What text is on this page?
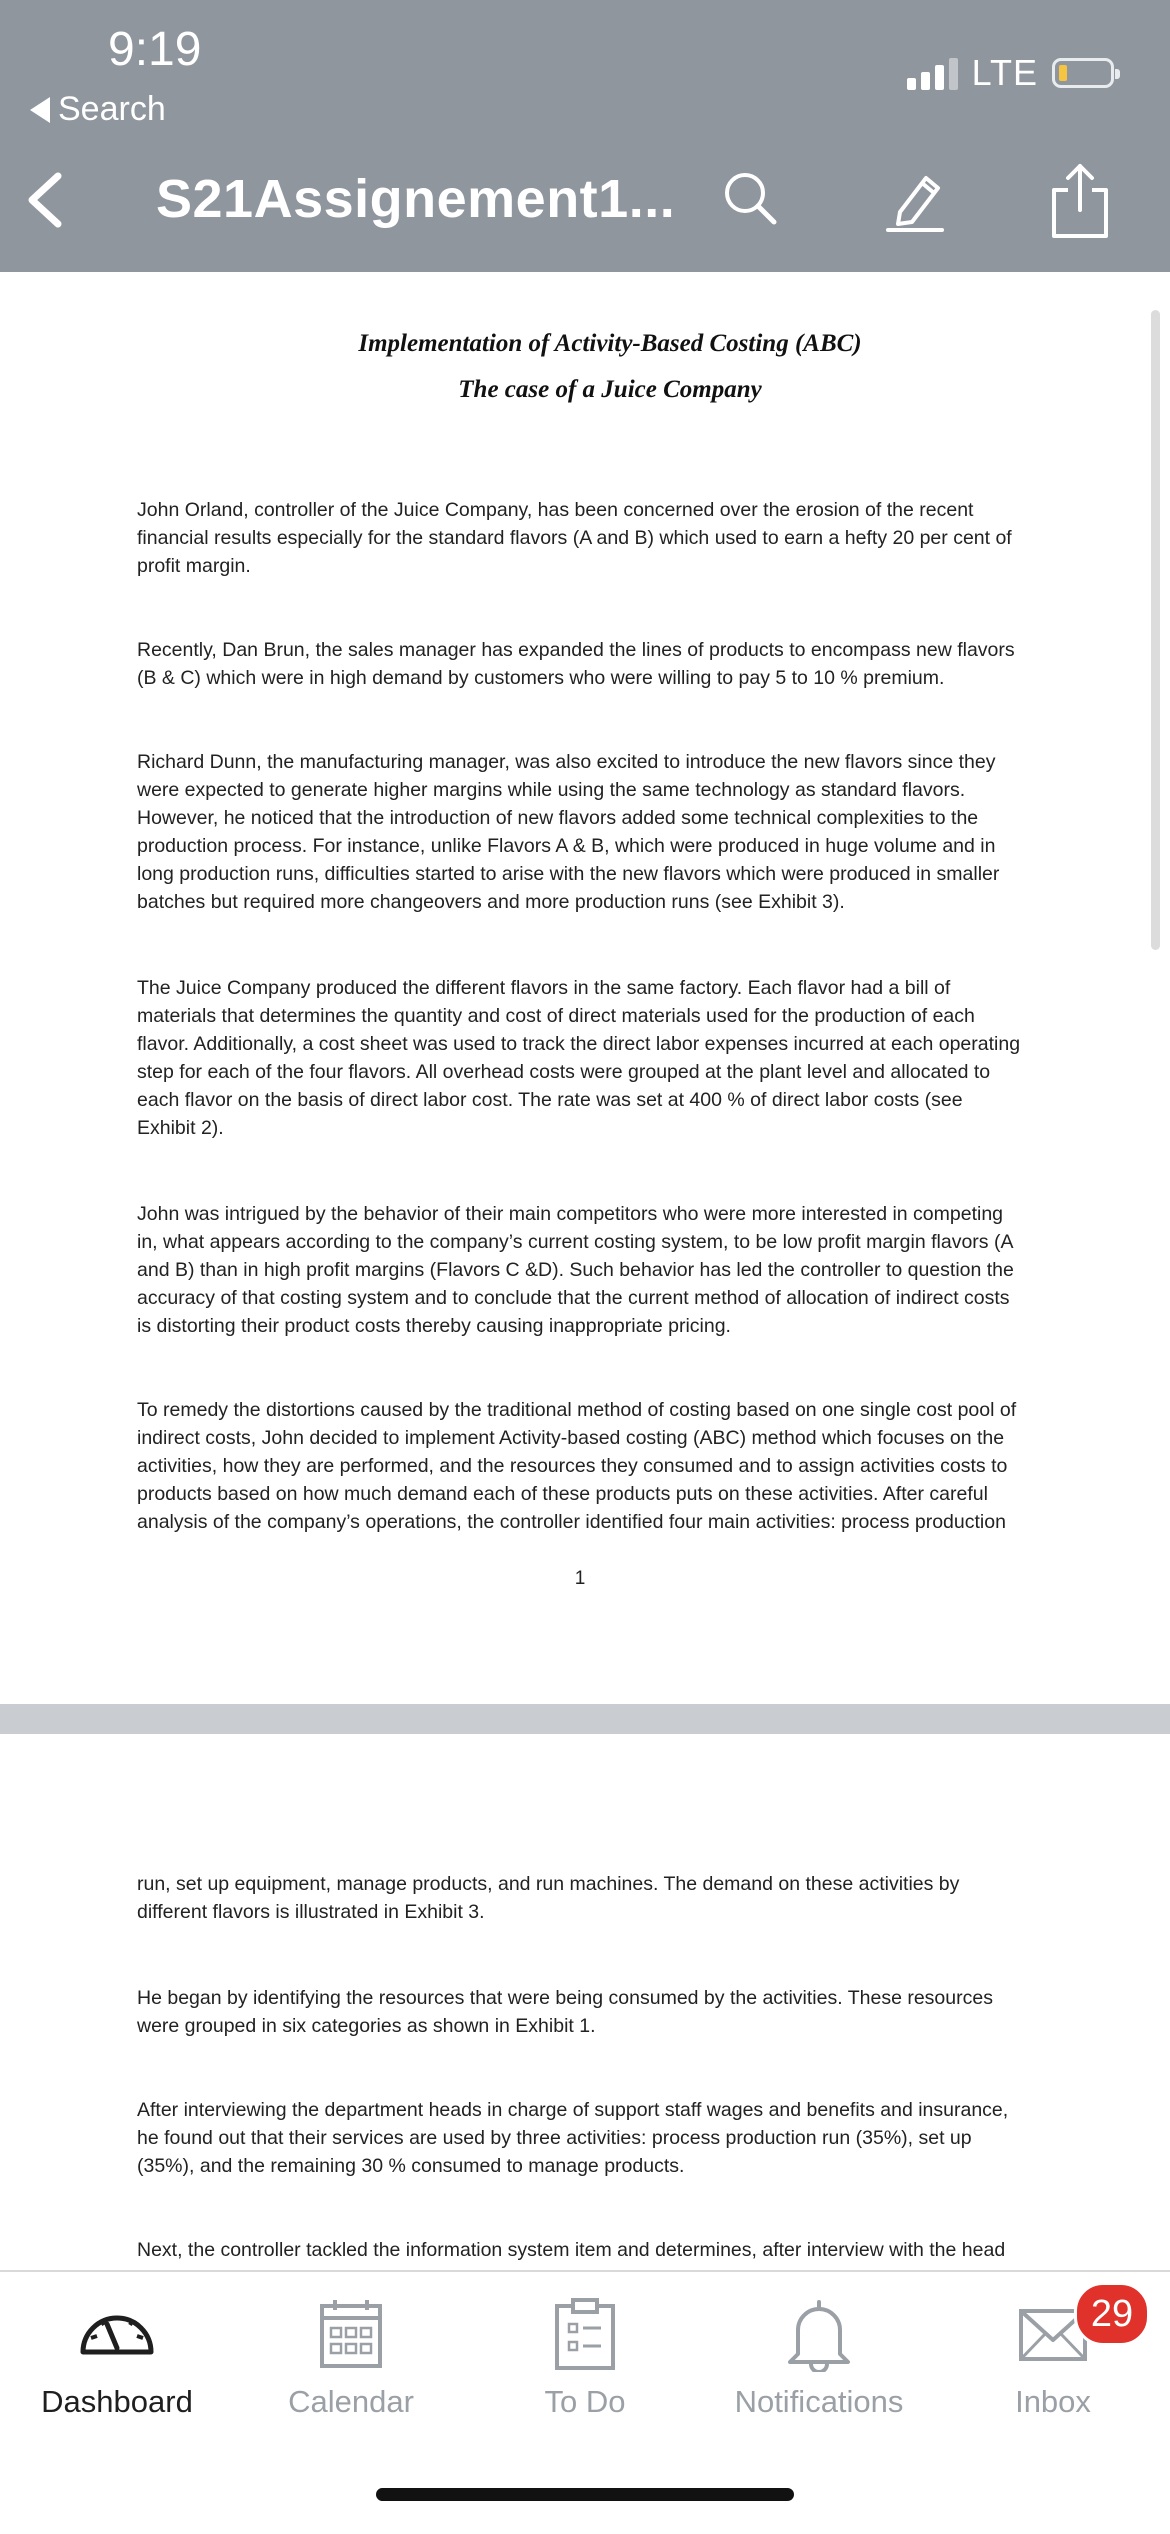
9:19
Search
LTE
S21Assignement1...
Implementation of Activity-Based Costing (ABC)
The case of a Juice Company

John Orland, controller of the Juice Company, has been concerned over the erosion of the recent financial results especially for the standard flavors (A and B) which used to earn a hefty 20 per cent of profit margin.

Recently, Dan Brun, the sales manager has expanded the lines of products to encompass new flavors (B & C) which were in high demand by customers who were willing to pay 5 to 10 % premium.

Richard Dunn, the manufacturing manager, was also excited to introduce the new flavors since they were expected to generate higher margins while using the same technology as standard flavors. However, he noticed that the introduction of new flavors added some technical complexities to the production process. For instance, unlike Flavors A & B, which were produced in huge volume and in long production runs, difficulties started to arise with the new flavors which were produced in smaller batches but required more changeovers and more production runs (see Exhibit 3).

The Juice Company produced the different flavors in the same factory. Each flavor had a bill of materials that determines the quantity and cost of direct materials used for the production of each flavor. Additionally, a cost sheet was used to track the direct labor expenses incurred at each operating step for each of the four flavors. All overhead costs were grouped at the plant level and allocated to each flavor on the basis of direct labor cost. The rate was set at 400 % of direct labor costs (see Exhibit 2).

John was intrigued by the behavior of their main competitors who were more interested in competing in, what appears according to the company’s current costing system, to be low profit margin flavors (A and B) than in high profit margins (Flavors C &D). Such behavior has led the controller to question the accuracy of that costing system and to conclude that the current method of allocation of indirect costs is distorting their product costs thereby causing inappropriate pricing.

To remedy the distortions caused by the traditional method of costing based on one single cost pool of indirect costs, John decided to implement Activity-based costing (ABC) method which focuses on the activities, how they are performed, and the resources they consumed and to assign activities costs to products based on how much demand each of these products puts on these activities. After careful analysis of the company’s operations, the controller identified four main activities: process production

1

run, set up equipment, manage products, and run machines. The demand on these activities by different flavors is illustrated in Exhibit 3.

He began by identifying the resources that were being consumed by the activities. These resources were grouped in six categories as shown in Exhibit 1.

After interviewing the department heads in charge of support staff wages and benefits and insurance, he found out that their services are used by three activities: process production run (35%), set up (35%), and the remaining 30 % consumed to manage products.

Next, the controller tackled the information system item and determines, after interview with the head

Dashboard	Calendar	To Do	Notifications
29
Inbox
